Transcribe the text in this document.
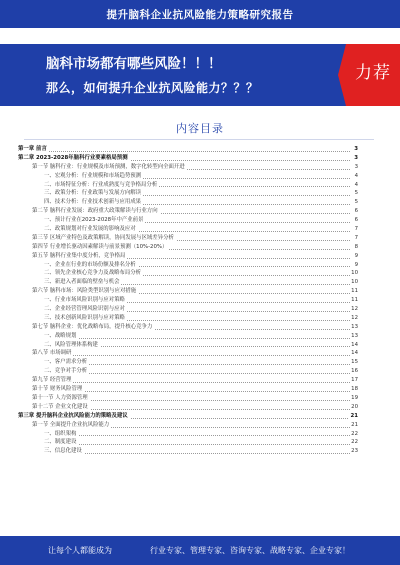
提升脑科企业抗风险能力策略研究报告
脑科市场都有哪些风险！！！
那么，如何提升企业抗风险能力？？？
力荐
内容目录
第一章 前言	3
第二章 2023-2028年脑科行业要素格局预测	3
第一节 脑科行业：行业规模及市场预测，数字化转型向全面开进	3
一、宏观分析：行业规模和市场趋势预测	4
二、市场特征分析：行业成熟度与竞争格局分析	4
三、政策分析：行业政策与发展方向解读	5
四、技术分析：行业技术创新与应用成果	5
第二节 脑科行业发展：政府重大政策解读与行业方向	6
一、预计行业在2023-2028年中产业前景	6
二、政策规划对行业发展的影响及应对	7
第三节 区域产业特色及政策解读，协同发展与区域差异分析	7
第四节 行业增长驱动因素解读与前景预测（10%-20%）	8
第五节 脑科行业集中度分析，竞争格局	9
一、企业在行业的市场份额及排名分析	9
二、领先企业核心竞争力及战略布局分析	10
三、新进入者面临的壁垒与机会	10
第六节 脑科市场：风险类型识别与应对措施	11
一、行业市场风险识别与应对策略	11
二、企业经营管理风险识别与应对	12
三、技术创新风险识别与应对策略	12
第七节 脑科企业：优化战略布局，提升核心竞争力	13
一、战略规划	13
二、风险管理体系构建	14
第八节 市场调研	14
一、客户需求分析	15
二、竞争对手分析	16
第九节 经营管理	17
第十节 财务风险管理	18
第十一节 人力资源管理	19
第十二节 企业文化建设	20
第三章 提升脑科企业抗风险能力的策略及建议	21
第一节 全面提升企业抗风险能力	21
一、组织架构	22
二、制度建设	22
三、信息化建设	23
让每个人都能成为	行业专家、管理专家、咨询专家、战略专家、企业专家！
